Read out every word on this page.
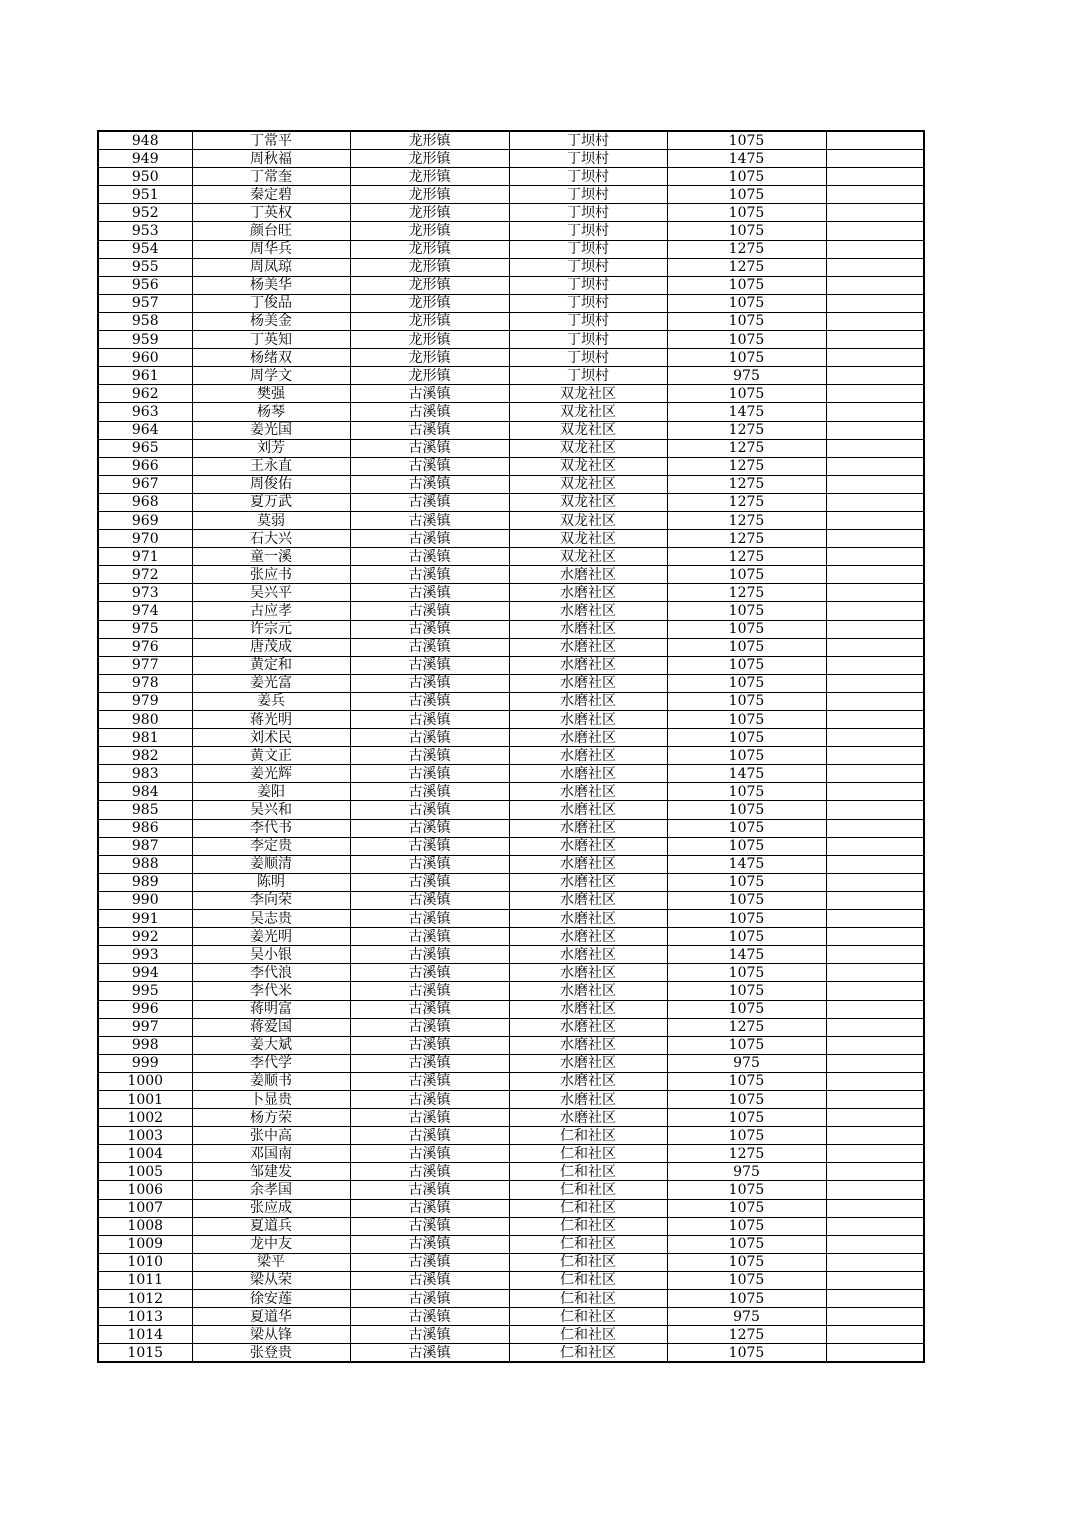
948	丁常平	龙形镇	丁坝村	1075	
949	周秋福	龙形镇	丁坝村	1475	
950	丁常奎	龙形镇	丁坝村	1075	
951	秦定碧	龙形镇	丁坝村	1075	
952	丁英权	龙形镇	丁坝村	1075	
953	颜台旺	龙形镇	丁坝村	1075	
954	周华兵	龙形镇	丁坝村	1275	
955	周凤琼	龙形镇	丁坝村	1275	
956	杨美华	龙形镇	丁坝村	1075	
957	丁俊品	龙形镇	丁坝村	1075	
958	杨美金	龙形镇	丁坝村	1075	
959	丁英知	龙形镇	丁坝村	1075	
960	杨绪双	龙形镇	丁坝村	1075	
961	周学文	龙形镇	丁坝村	975	
962	樊强	古溪镇	双龙社区	1075	
963	杨琴	古溪镇	双龙社区	1475	
964	姜光国	古溪镇	双龙社区	1275	
965	刘芳	古溪镇	双龙社区	1275	
966	王永直	古溪镇	双龙社区	1275	
967	周俊佑	古溪镇	双龙社区	1275	
968	夏万武	古溪镇	双龙社区	1275	
969	莫弱	古溪镇	双龙社区	1275	
970	石大兴	古溪镇	双龙社区	1275	
971	童一溪	古溪镇	双龙社区	1275	
972	张应书	古溪镇	水磨社区	1075	
973	吴兴平	古溪镇	水磨社区	1275	
974	古应孝	古溪镇	水磨社区	1075	
975	许宗元	古溪镇	水磨社区	1075	
976	唐茂成	古溪镇	水磨社区	1075	
977	黄定和	古溪镇	水磨社区	1075	
978	姜光富	古溪镇	水磨社区	1075	
979	姜兵	古溪镇	水磨社区	1075	
980	蒋光明	古溪镇	水磨社区	1075	
981	刘术民	古溪镇	水磨社区	1075	
982	黄文正	古溪镇	水磨社区	1075	
983	姜光辉	古溪镇	水磨社区	1475	
984	姜阳	古溪镇	水磨社区	1075	
985	吴兴和	古溪镇	水磨社区	1075	
986	李代书	古溪镇	水磨社区	1075	
987	李定贵	古溪镇	水磨社区	1075	
988	姜顺清	古溪镇	水磨社区	1475	
989	陈明	古溪镇	水磨社区	1075	
990	李向荣	古溪镇	水磨社区	1075	
991	吴志贵	古溪镇	水磨社区	1075	
992	姜光明	古溪镇	水磨社区	1075	
993	吴小银	古溪镇	水磨社区	1475	
994	李代浪	古溪镇	水磨社区	1075	
995	李代米	古溪镇	水磨社区	1075	
996	蒋明富	古溪镇	水磨社区	1075	
997	蒋爱国	古溪镇	水磨社区	1275	
998	姜大斌	古溪镇	水磨社区	1075	
999	李代学	古溪镇	水磨社区	975	
1000	姜顺书	古溪镇	水磨社区	1075	
1001	卜显贵	古溪镇	水磨社区	1075	
1002	杨方荣	古溪镇	水磨社区	1075	
1003	张中高	古溪镇	仁和社区	1075	
1004	邓国南	古溪镇	仁和社区	1275	
1005	邹建发	古溪镇	仁和社区	975	
1006	余孝国	古溪镇	仁和社区	1075	
1007	张应成	古溪镇	仁和社区	1075	
1008	夏道兵	古溪镇	仁和社区	1075	
1009	龙中友	古溪镇	仁和社区	1075	
1010	梁平	古溪镇	仁和社区	1075	
1011	梁从荣	古溪镇	仁和社区	1075	
1012	徐安莲	古溪镇	仁和社区	1075	
1013	夏道华	古溪镇	仁和社区	975	
1014	梁从锋	古溪镇	仁和社区	1275	
1015	张登贵	古溪镇	仁和社区	1075	
